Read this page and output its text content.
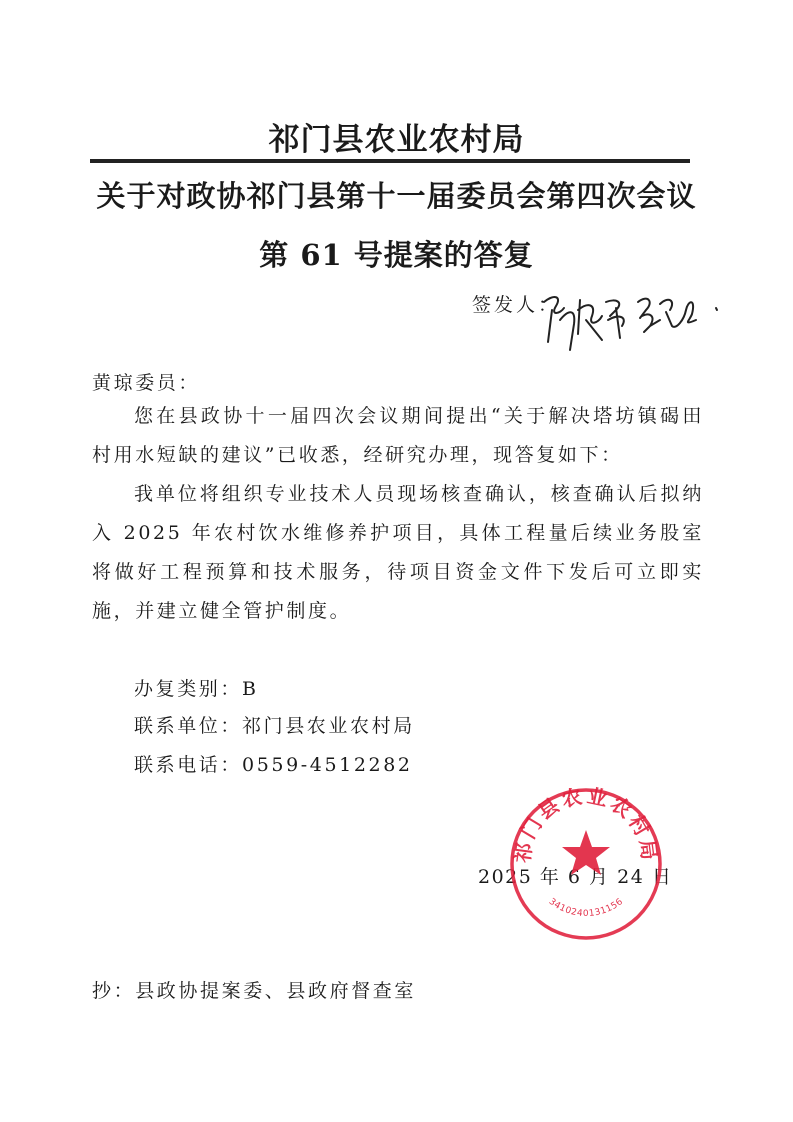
祁门县农业农村局
关于对政协祁门县第十一届委员会第四次会议
第 61 号提案的答复
签发人：
黄琼委员：
您在县政协十一届四次会议期间提出“关于解决塔坊镇碣田村用水短缺的建议”已收悉，经研究办理，现答复如下：
我单位将组织专业技术人员现场核查确认，核查确认后拟纳入 2025 年农村饮水维修养护项目，具体工程量后续业务股室将做好工程预算和技术服务，待项目资金文件下发后可立即实施，并建立健全管护制度。
办复类别：B
联系单位：祁门县农业农村局
联系电话：0559-4512282
2025 年 6 月 24 日
祁门县农业农村局
3410240131156
抄：县政协提案委、县政府督查室
